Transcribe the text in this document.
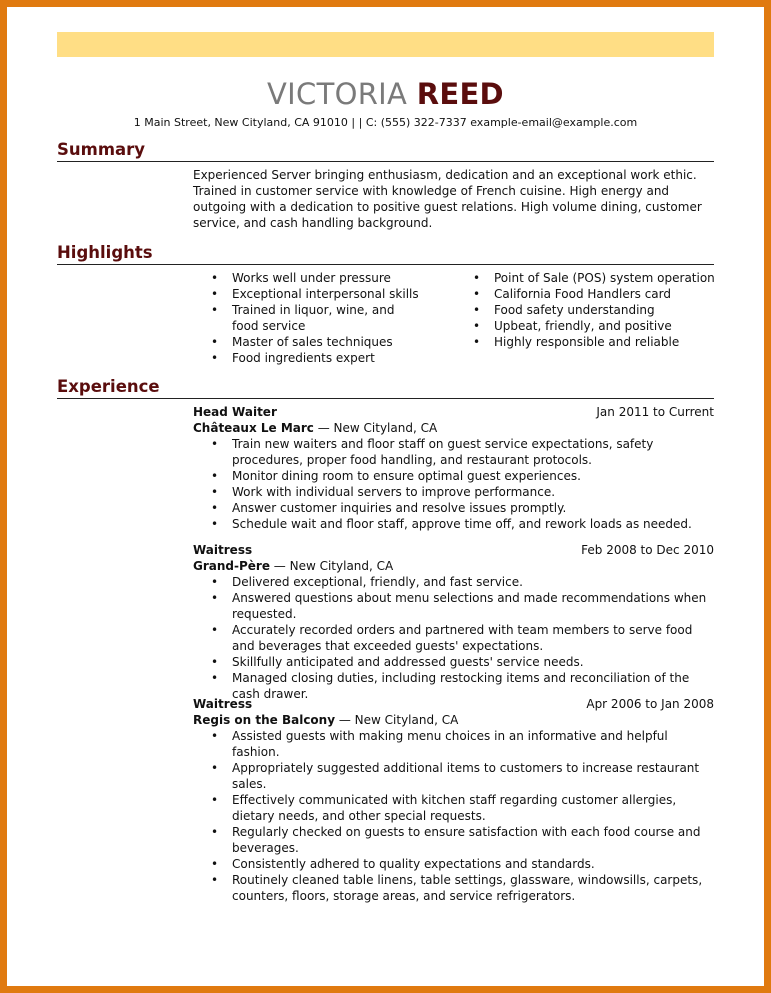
VICTORIA REED
1 Main Street, New Cityland, CA 91010 | | C: (555) 322-7337 example-email@example.com
Summary
Experienced Server bringing enthusiasm, dedication and an exceptional work ethic. Trained in customer service with knowledge of French cuisine. High energy and outgoing with a dedication to positive guest relations. High volume dining, customer service, and cash handling background.
Highlights
• Works well under pressure
• Exceptional interpersonal skills
• Trained in liquor, wine, and food service
• Master of sales techniques
• Food ingredients expert
• Point of Sale (POS) system operation
• California Food Handlers card
• Food safety understanding
• Upbeat, friendly, and positive
• Highly responsible and reliable
Experience
Head Waiter	Jan 2011 to Current
Châteaux Le Marc — New Cityland, CA
• Train new waiters and floor staff on guest service expectations, safety procedures, proper food handling, and restaurant protocols.
• Monitor dining room to ensure optimal guest experiences.
• Work with individual servers to improve performance.
• Answer customer inquiries and resolve issues promptly.
• Schedule wait and floor staff, approve time off, and rework loads as needed.
Waitress	Feb 2008 to Dec 2010
Grand-Père — New Cityland, CA
• Delivered exceptional, friendly, and fast service.
• Answered questions about menu selections and made recommendations when requested.
• Accurately recorded orders and partnered with team members to serve food and beverages that exceeded guests' expectations.
• Skillfully anticipated and addressed guests' service needs.
• Managed closing duties, including restocking items and reconciliation of the cash drawer.
Waitress	Apr 2006 to Jan 2008
Regis on the Balcony — New Cityland, CA
• Assisted guests with making menu choices in an informative and helpful fashion.
• Appropriately suggested additional items to customers to increase restaurant sales.
• Effectively communicated with kitchen staff regarding customer allergies, dietary needs, and other special requests.
• Regularly checked on guests to ensure satisfaction with each food course and beverages.
• Consistently adhered to quality expectations and standards.
• Routinely cleaned table linens, table settings, glassware, windowsills, carpets, counters, floors, storage areas, and service refrigerators.
